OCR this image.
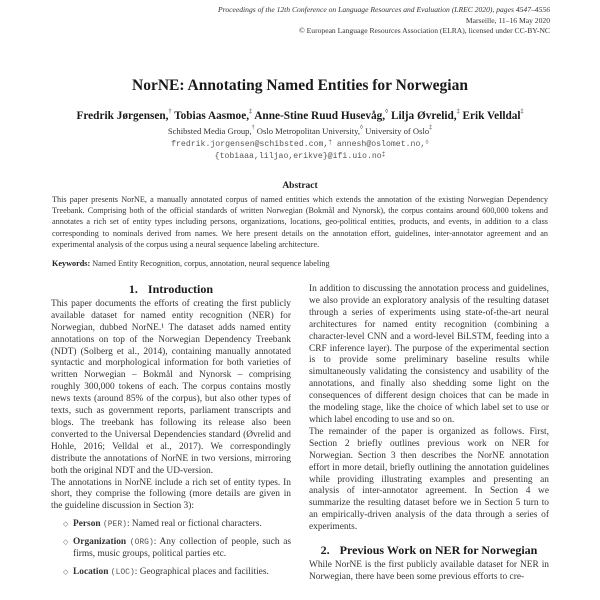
Proceedings of the 12th Conference on Language Resources and Evaluation (LREC 2020), pages 4547–4556
Marseille, 11–16 May 2020
© European Language Resources Association (ELRA), licensed under CC-BY-NC
NorNE: Annotating Named Entities for Norwegian
Fredrik Jørgensen,† Tobias Aasmoe,‡ Anne-Stine Ruud Husevåg,◊ Lilja Øvrelid,‡ Erik Velldal‡
Schibsted Media Group,† Oslo Metropolitan University,◊ University of Oslo‡
fredrik.jorgensen@schibsted.com,† annesh@oslomet.no,◊
{tobiaaa,liljao,erikve}@ifi.uio.no‡
Abstract
This paper presents NorNE, a manually annotated corpus of named entities which extends the annotation of the existing Norwegian Dependency Treebank. Comprising both of the official standards of written Norwegian (Bokmål and Nynorsk), the corpus contains around 600,000 tokens and annotates a rich set of entity types including persons, organizations, locations, geo-political entities, products, and events, in addition to a class corresponding to nominals derived from names. We here present details on the annotation effort, guidelines, inter-annotator agreement and an experimental analysis of the corpus using a neural sequence labeling architecture.
Keywords: Named Entity Recognition, corpus, annotation, neural sequence labeling
1. Introduction

This paper documents the efforts of creating the first publicly available dataset for named entity recognition (NER) for Norwegian, dubbed NorNE.¹ The dataset adds named entity annotations on top of the Norwegian Dependency Treebank (NDT) (Solberg et al., 2014), containing manually annotated syntactic and morphological information for both varieties of written Norwegian – Bokmål and Nynorsk – comprising roughly 300,000 tokens of each. The corpus contains mostly news texts (around 85% of the corpus), but also other types of texts, such as government reports, parliament transcripts and blogs. The treebank has following its release also been converted to the Universal Dependencies standard (Øvrelid and Hohle, 2016; Velldal et al., 2017). We correspondingly distribute the annotations of NorNE in two versions, mirroring both the original NDT and the UD-version.

The annotations in NorNE include a rich set of entity types. In short, they comprise the following (more details are given in the guideline discussion in Section 3):

◇ Person (PER): Named real or fictional characters.
◇ Organization (ORG): Any collection of people, such as firms, music groups, political parties etc.
◇ Location (LOC): Geographical places and facilities.

In addition to discussing the annotation process and guidelines, we also provide an exploratory analysis of the resulting dataset through a series of experiments using state-of-the-art neural architectures for named entity recognition (combining a character-level CNN and a word-level BiLSTM, feeding into a CRF inference layer). The purpose of the experimental section is to provide some preliminary baseline results while simultaneously validating the consistency and usability of the annotations, and finally also shedding some light on the consequences of different design choices that can be made in the modeling stage, like the choice of which label set to use or which label encoding to use and so on.

The remainder of the paper is organized as follows. First, Section 2 briefly outlines previous work on NER for Norwegian. Section 3 then describes the NorNE annotation effort in more detail, briefly outlining the annotation guidelines while providing illustrating examples and presenting an analysis of inter-annotator agreement. In Section 4 we summarize the resulting dataset before we in Section 5 turn to an empirically-driven analysis of the data through a series of experiments.

2. Previous Work on NER for Norwegian

While NorNE is the first publicly available dataset for NER in Norwegian, there have been some previous efforts to cre-
